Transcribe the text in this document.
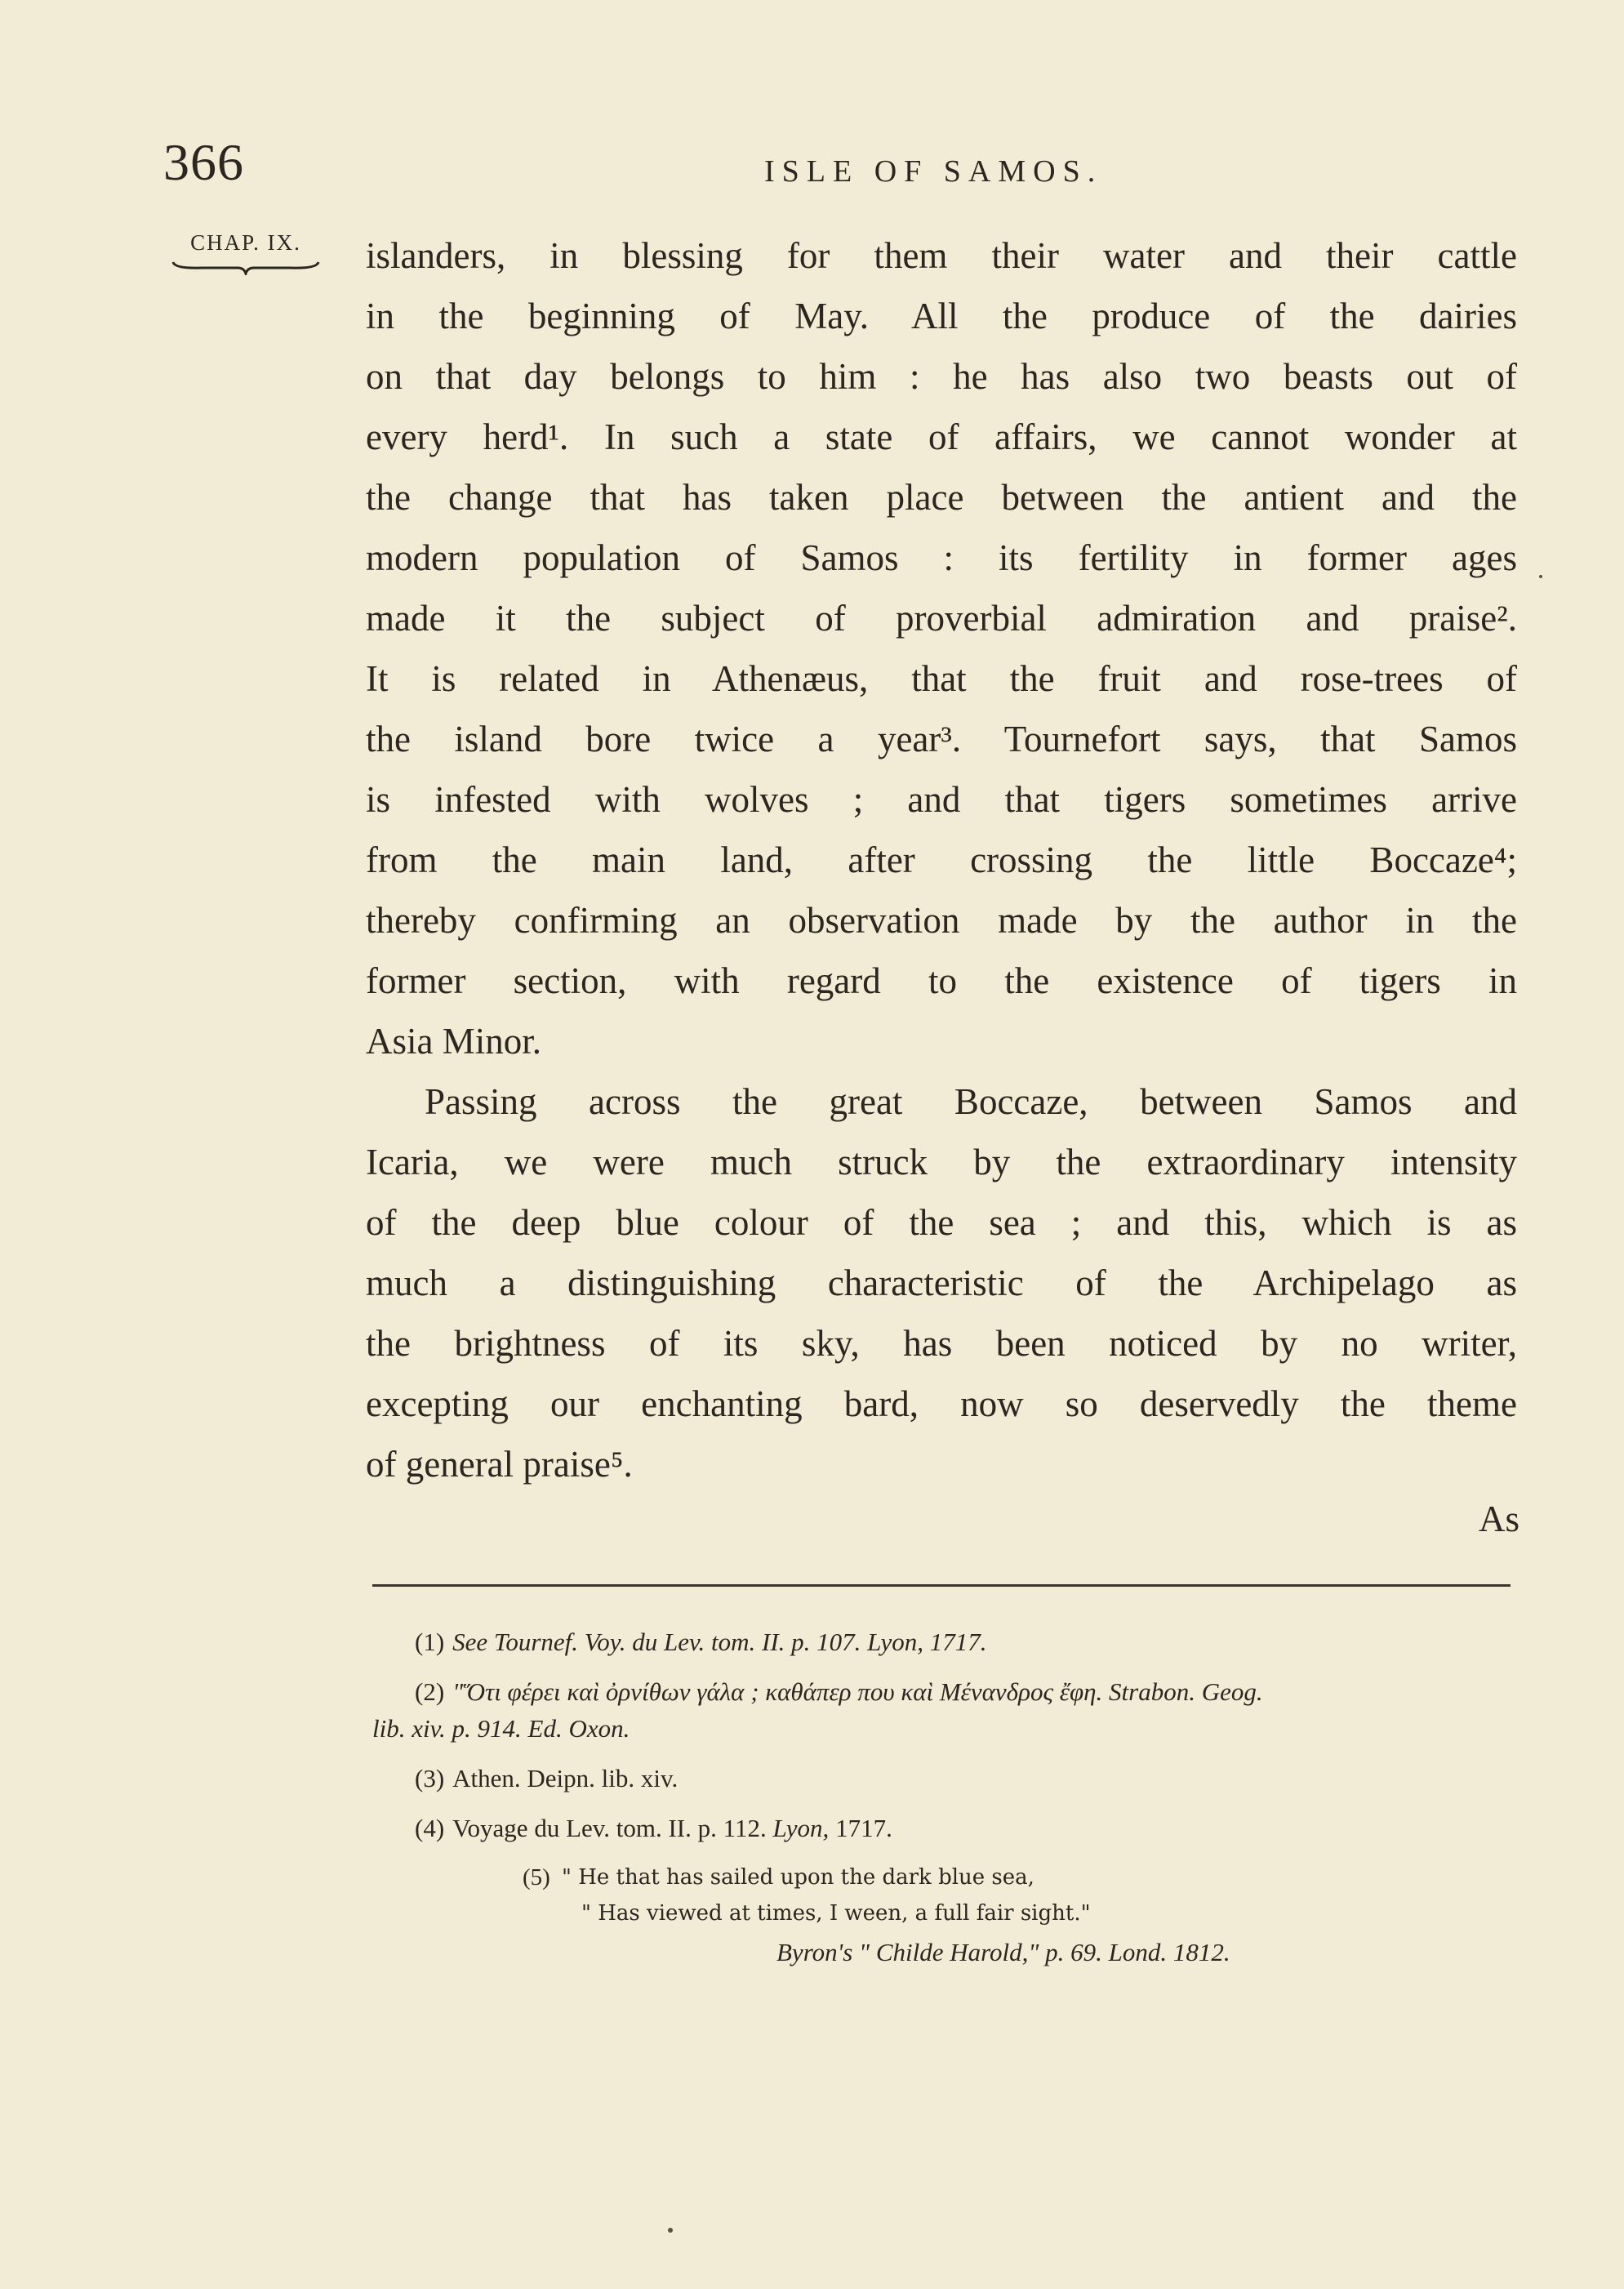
366	ISLE OF SAMOS.
CHAP. IX.	islanders, in blessing for them their water and their cattle
in the beginning of May. All the produce of the dairies
on that day belongs to him : he has also two beasts out of
every herd¹. In such a state of affairs, we cannot wonder at
the change that has taken place between the antient and the
modern population of Samos : its fertility in former ages
made it the subject of proverbial admiration and praise².
It is related in Athenæus, that the fruit and rose-trees of
the island bore twice a year³. Tournefort says, that Samos
is infested with wolves ; and that tigers sometimes arrive
from the main land, after crossing the little Boccaze⁴;
thereby confirming an observation made by the author in the
former section, with regard to the existence of tigers in
Asia Minor.
Passing across the great Boccaze, between Samos and
Icaria, we were much struck by the extraordinary intensity
of the deep blue colour of the sea ; and this, which is as
much a distinguishing characteristic of the Archipelago as
the brightness of its sky, has been noticed by no writer,
excepting our enchanting bard, now so deservedly the theme
of general praise⁵.
As
(1) See Tournef. Voy. du Lev. tom. II. p. 107. Lyon, 1717.
(2) "Ὅτι φέρει καὶ ὀρνίθων γάλα ; καθάπερ που καὶ Μένανδρος ἔφη. Strabon. Geog.
lib. xiv. p. 914. Ed. Oxon.
(3) Athen. Deipn. lib. xiv.
(4) Voyage du Lev. tom. II. p. 112. Lyon, 1717.
(5) " He that has sailed upon the dark blue sea,
" Has viewed at times, I ween, a full fair sight."
Byron's " Childe Harold," p. 69. Lond. 1812.
